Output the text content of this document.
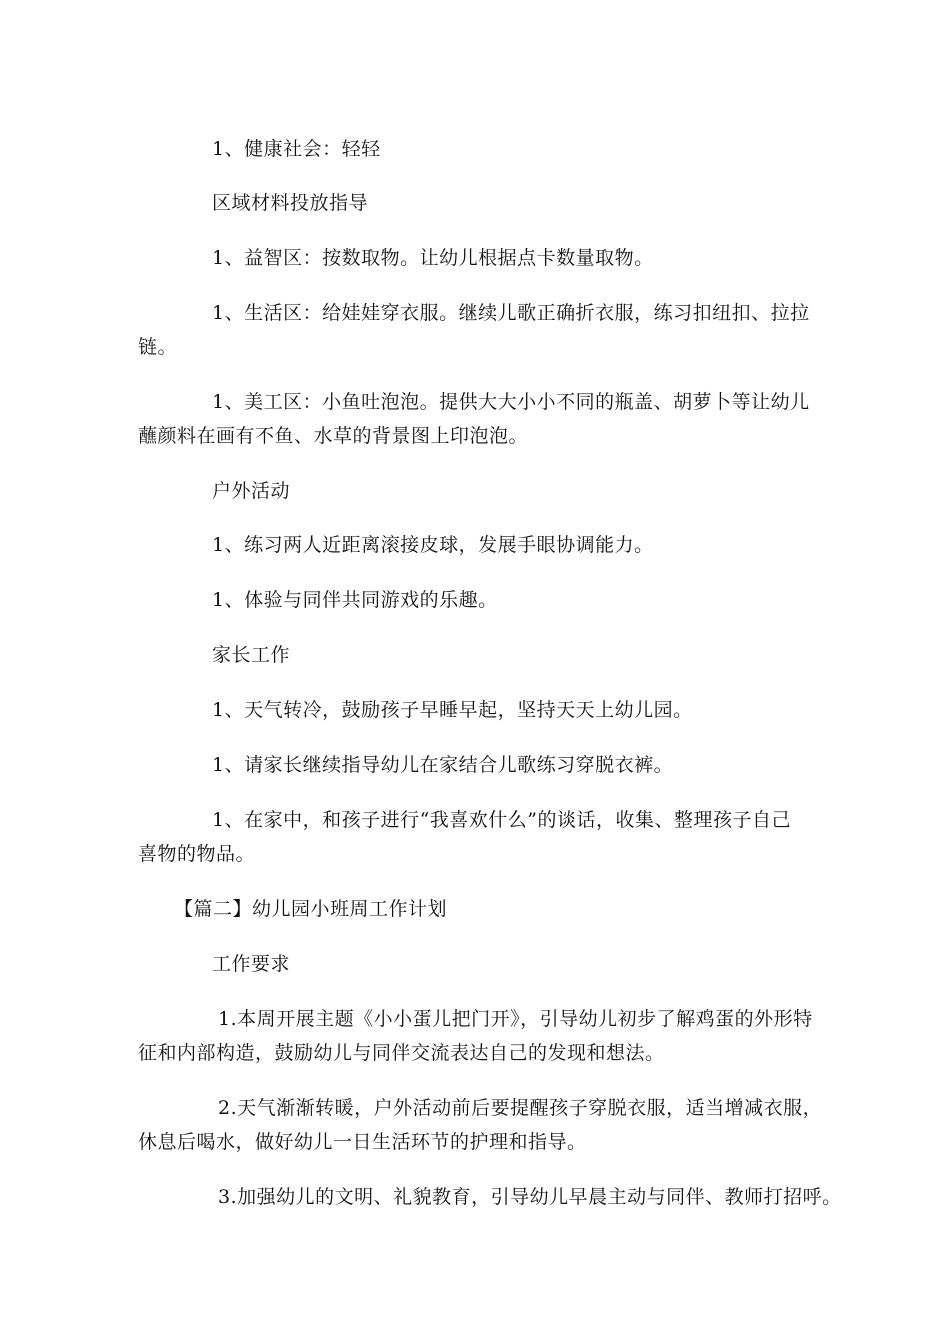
1、健康社会：轻轻
区域材料投放指导
1、益智区：按数取物。让幼儿根据点卡数量取物。
1、生活区：给娃娃穿衣服。继续儿歌正确折衣服，练习扣纽扣、拉拉
链。
1、美工区：小鱼吐泡泡。提供大大小小不同的瓶盖、胡萝卜等让幼儿
蘸颜料在画有不鱼、水草的背景图上印泡泡。
户外活动
1、练习两人近距离滚接皮球，发展手眼协调能力。
1、体验与同伴共同游戏的乐趣。
家长工作
1、天气转冷，鼓励孩子早睡早起，坚持天天上幼儿园。
1、请家长继续指导幼儿在家结合儿歌练习穿脱衣裤。
1、在家中，和孩子进行“我喜欢什么”的谈话，收集、整理孩子自己
喜物的物品。
【篇二】幼儿园小班周工作计划
工作要求
1.本周开展主题《小小蛋儿把门开》，引导幼儿初步了解鸡蛋的外形特
征和内部构造，鼓励幼儿与同伴交流表达自己的发现和想法。
2.天气渐渐转暖，户外活动前后要提醒孩子穿脱衣服，适当增减衣服，
休息后喝水，做好幼儿一日生活环节的护理和指导。
3.加强幼儿的文明、礼貌教育，引导幼儿早晨主动与同伴、教师打招呼。
